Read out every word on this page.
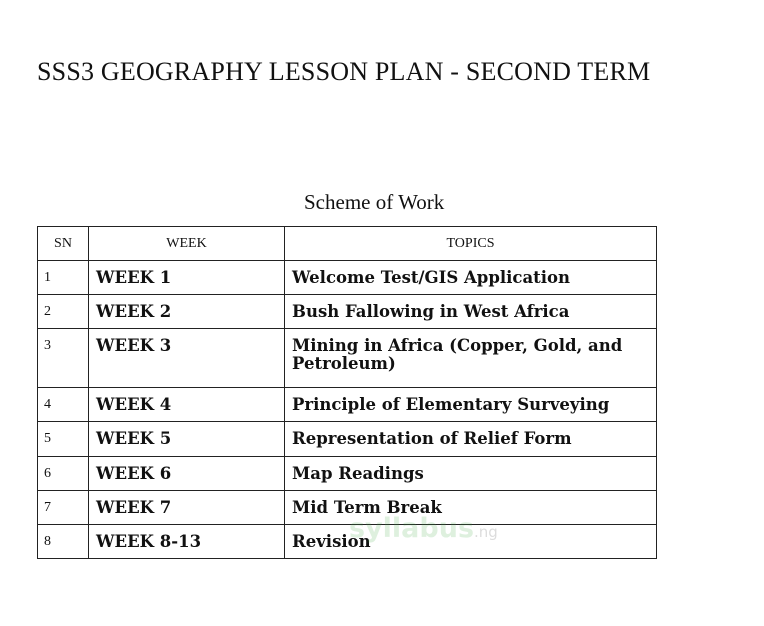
SSS3 GEOGRAPHY LESSON PLAN - SECOND TERM
Scheme of Work
SN	WEEK	TOPICS
1	WEEK 1	Welcome Test/GIS Application
2	WEEK 2	Bush Fallowing in West Africa
3	WEEK 3	Mining in Africa (Copper, Gold, and Petroleum)
4	WEEK 4	Principle of Elementary Surveying
5	WEEK 5	Representation of Relief Form
6	WEEK 6	Map Readings
7	WEEK 7	Mid Term Break
8	WEEK 8-13	Revision
syllabus.ng
